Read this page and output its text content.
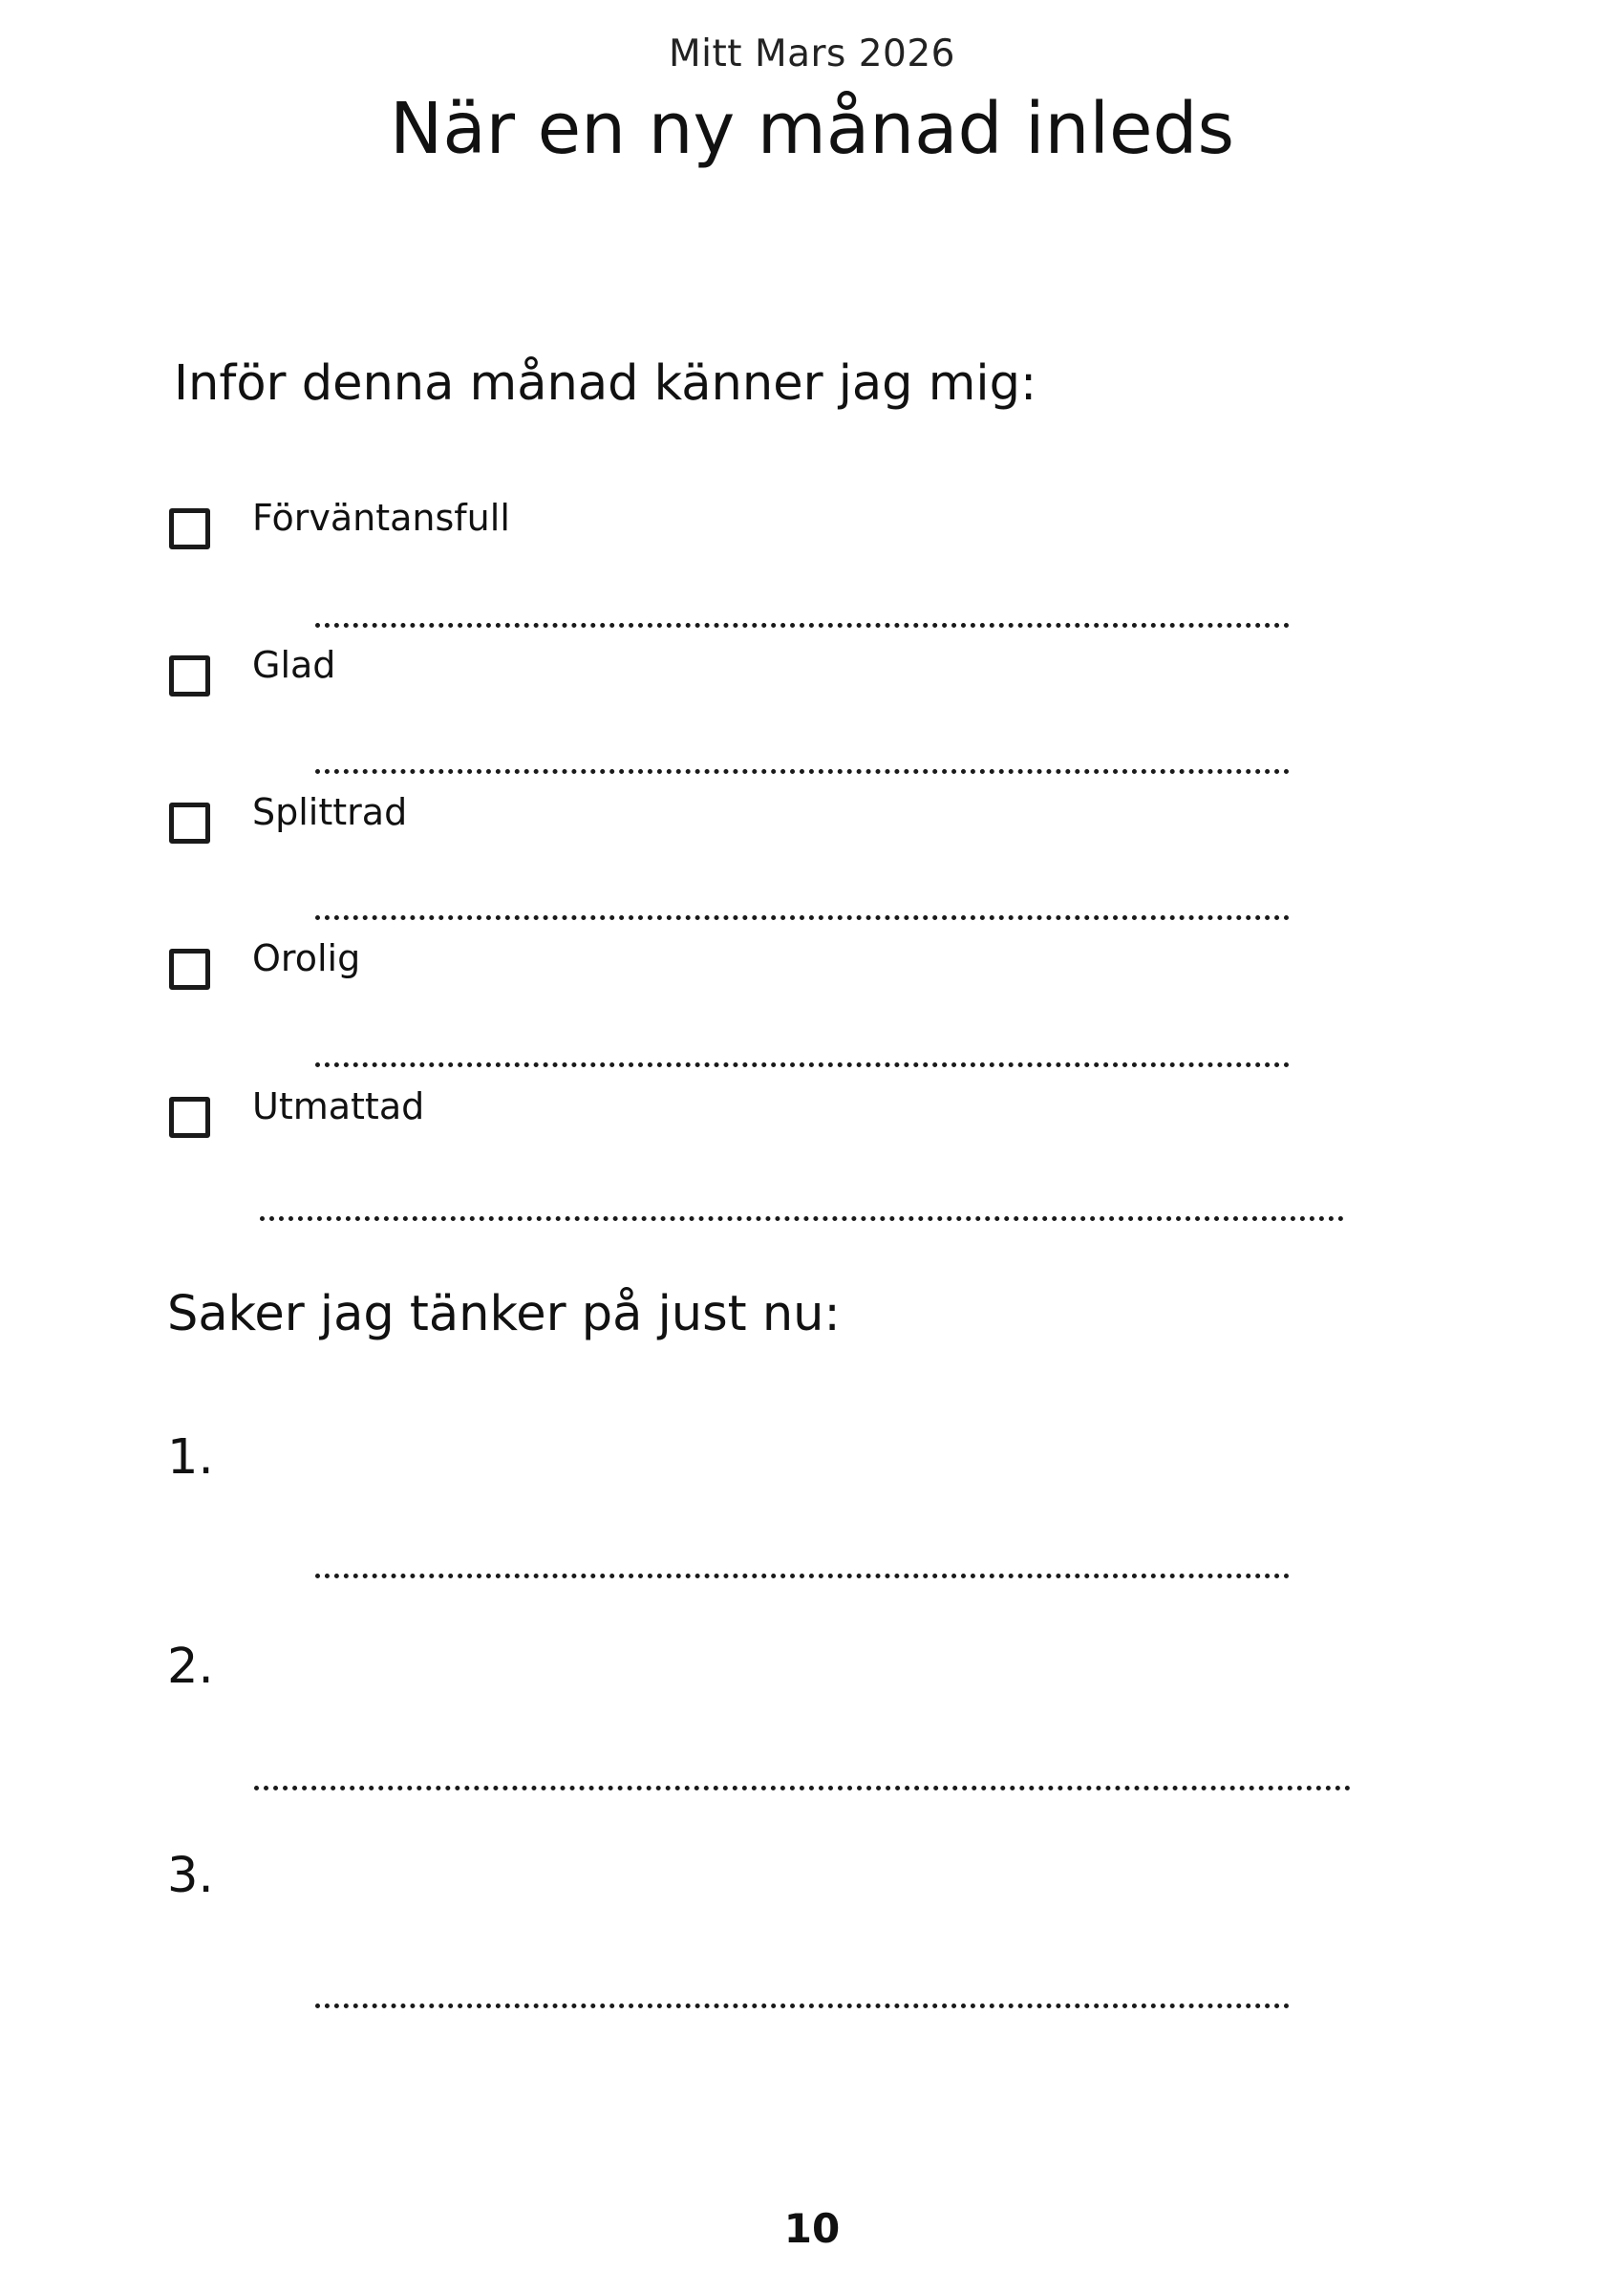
Mitt Mars 2026
När en ny månad inleds
Inför denna månad känner jag mig:
Förväntansfull
Glad
Splittrad
Orolig
Utmattad
Saker jag tänker på just nu:
1.
2.
3.
10
